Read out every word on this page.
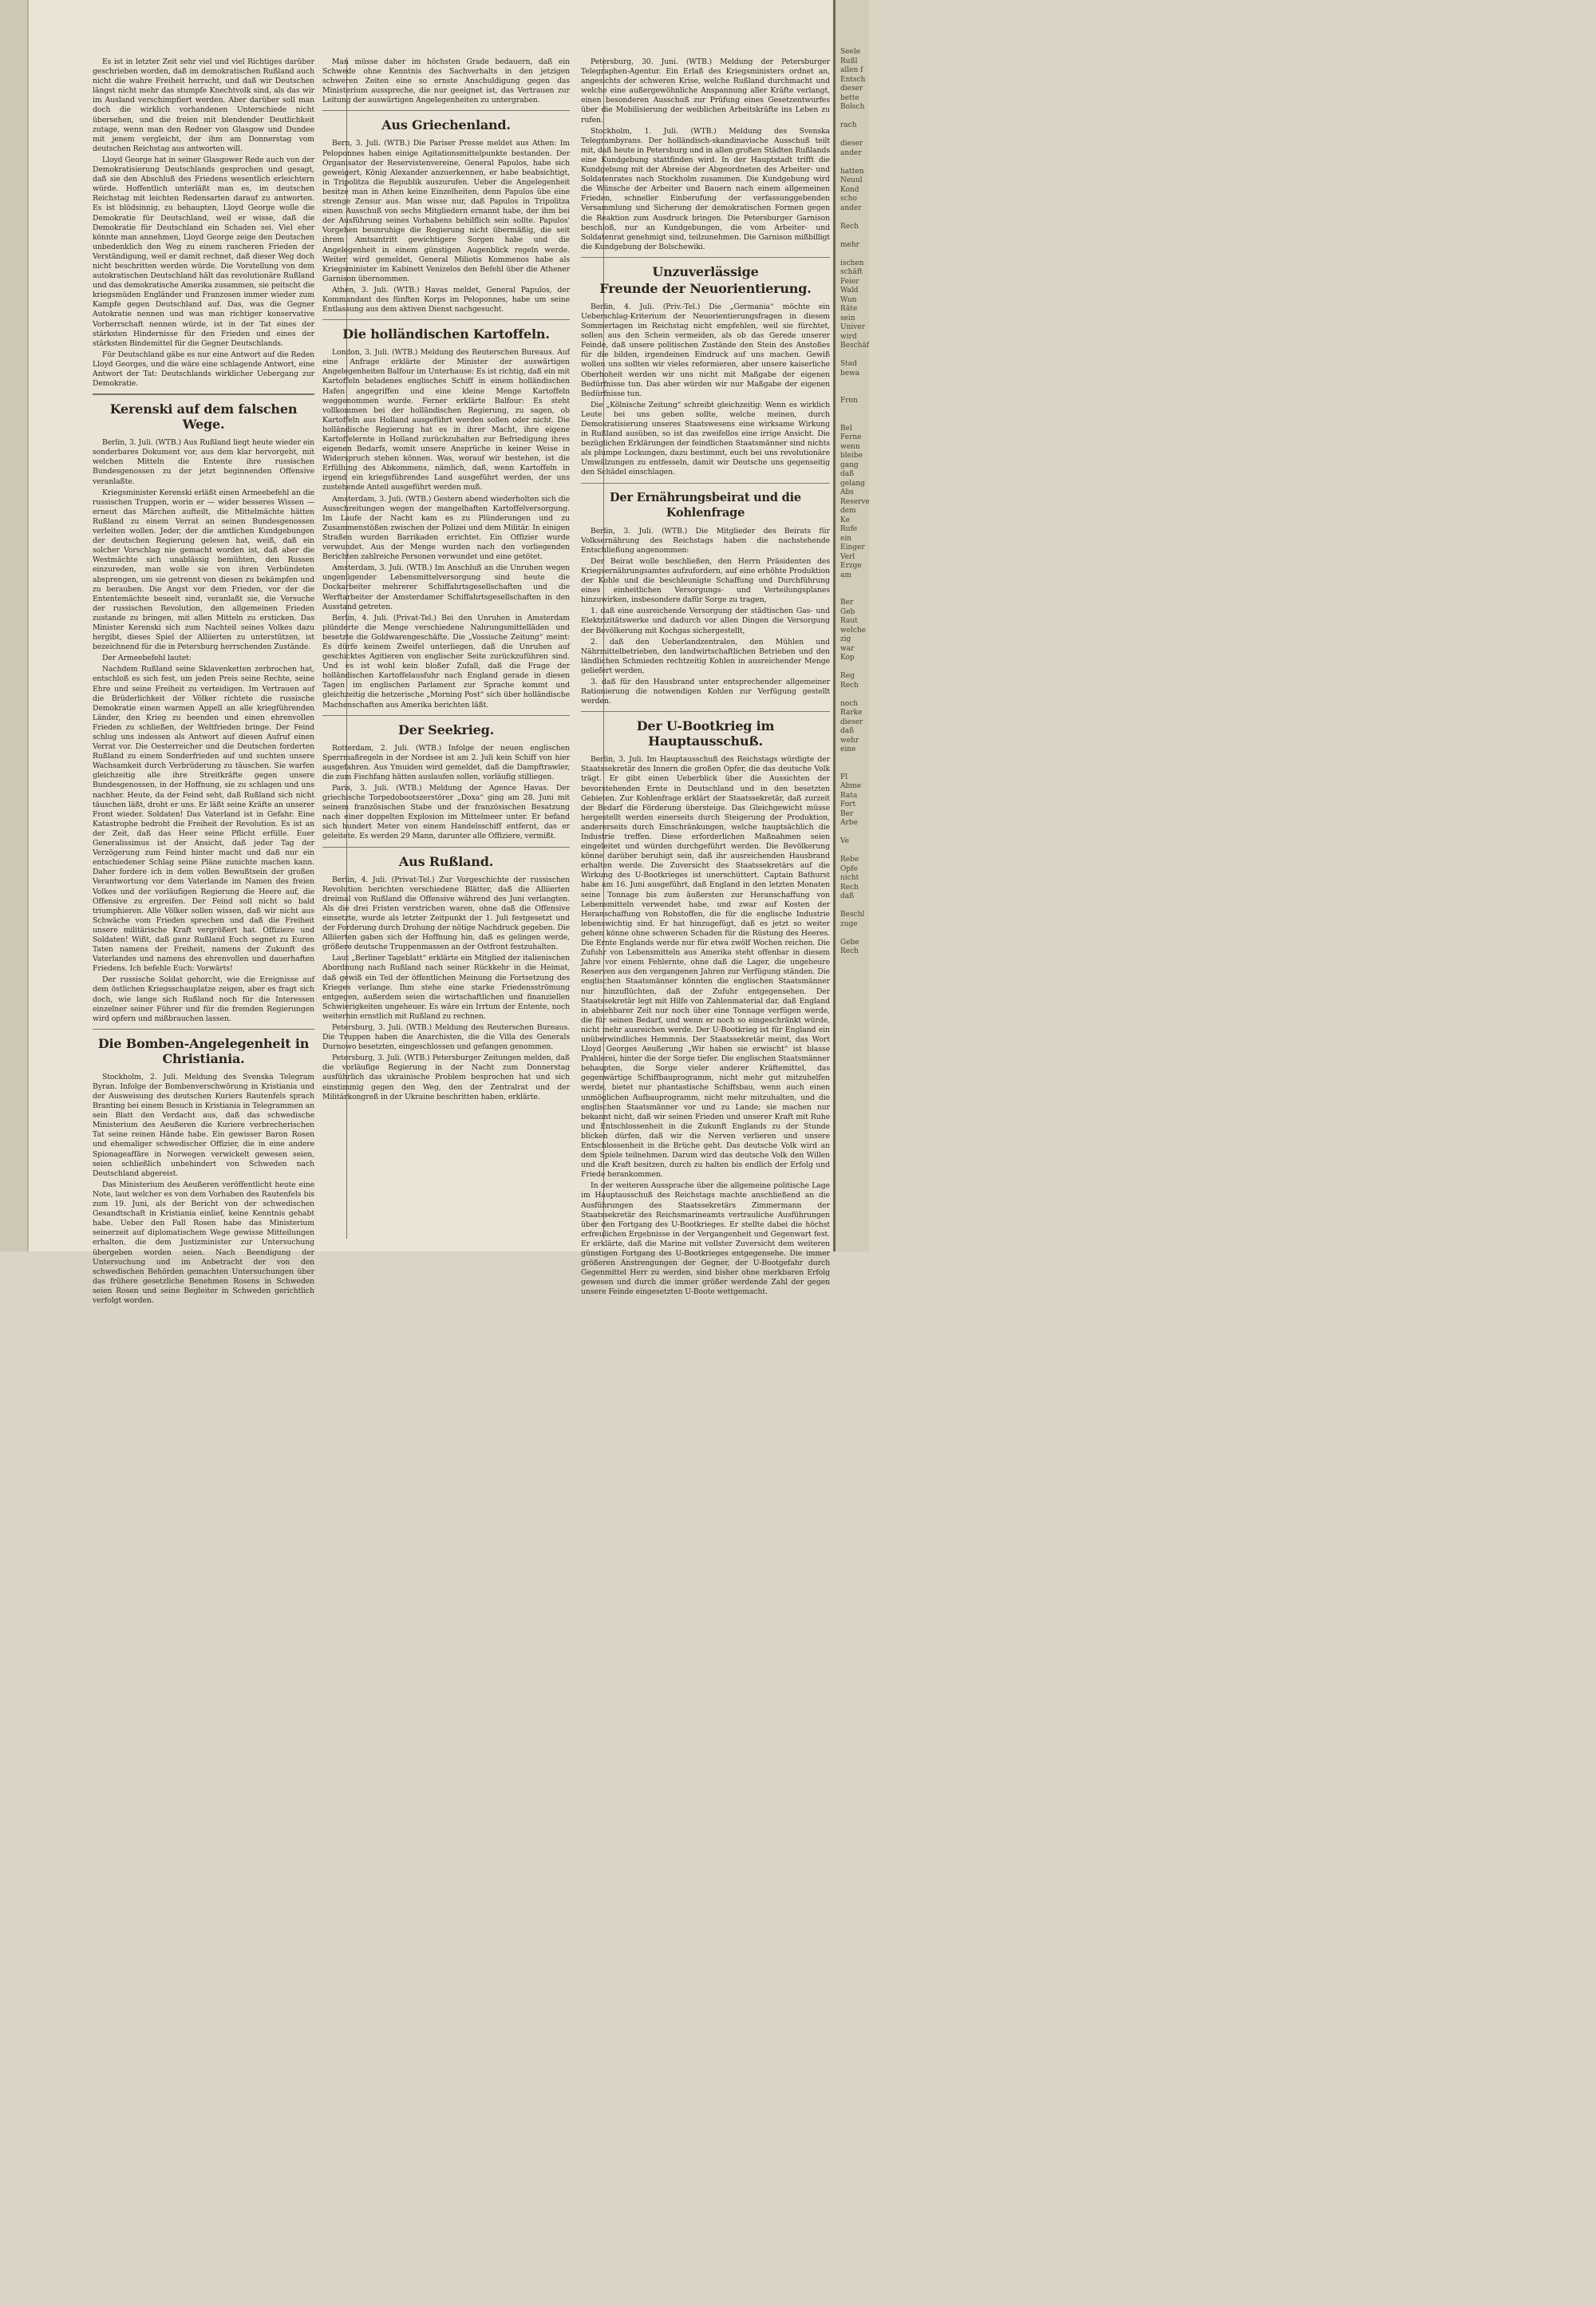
Es ist in letzter Zeit sehr viel und viel Richtiges darüber geschrieben worden, daß im demokratischen Rußland auch nicht die wahre Freiheit herrscht, und daß wir Deutschen längst nicht mehr das stumpfe Knechtvolk sind, als das wir im Ausland verschimpfiert werden. Aber darüber soll man doch die wirklich vorhandenen Unterschiede nicht übersehen, und die freien mit blendender Deutlichkeit zutage, wenn man den Redner von Glasgow und Dundee mit jenem vergleicht, der ihm am Donnerstag vom deutschen Reichstag aus antworten will.

Lloyd George hat in seiner Glasgower Rede auch von der Demokratisierung Deutschlands gesprochen und gesagt, daß sie den Abschluß des Friedens wesentlich erleichtern würde. Hoffentlich unterläßt man es, im deutschen Reichstag mit leichten Redensarten darauf zu antworten. Es ist blödsinnig, zu behaupten, Lloyd George wolle die Demokratie für Deutschland, weil er wisse, daß die Demokratie für Deutschland ein Schaden sei. Viel eher könnte man annehmen, Lloyd George zeige den Deutschen unbedenklich den Weg zu einem rascheren Frieden der Verständigung, weil er damit rechnet, daß dieser Weg doch nicht beschritten werden würde. Die Vorstellung von dem autokratischen Deutschland hält das revolutionäre Rußland und das demokratische Amerika zusammen, sie peitscht die kriegsmüden Engländer und Franzosen immer wieder zum Kampfe gegen Deutschland auf. Das, was die Gegner Autokratie nennen und was man richtiger konservative Vorherrschaft nennen würde, ist in der Tat eines der stärksten Hindernisse für den Frieden und eines der stärksten Bindemittel für die Gegner Deutschlands.

Für Deutschland gäbe es nur eine Antwort auf die Reden Lloyd Georges, und die wäre eine schlagende Antwort, eine Antwort der Tat: Deutschlands wirklicher Uebergang zur Demokratie.

Kerenski auf dem falschen Wege.

Berlin, 3. Juli. (WTB.) Aus Rußland liegt heute wieder ein sonderbares Dokument vor, aus dem klar hervorgeht, mit welchen Mitteln die Entente ihre russischen Bundesgenossen zu der jetzt beginnenden Offensive veranlaßte.

Kriegsminister Kerenski erläßt einen Armeebefehl an die russischen Truppen, worin er — wider besseres Wissen — erneut das Märchen aufteilt, die Mittelmächte hätten Rußland zu einem Verrat an seinen Bundesgenossen verleiten wollen. Jeder, der die amtlichen Kundgebungen der deutschen Regierung gelesen hat, weiß, daß ein solcher Vorschlag nie gemacht worden ist, daß aber die Westmächte sich unablässig bemühten, den Russen einzureden, man wolle sie von ihren Verbündeten absprengen, um sie getrennt von diesen zu bekämpfen und zu berauben. Die Angst vor dem Frieden, vor der die Ententemächte beseelt sind, veranlaßt sie, die Versuche der russischen Revolution, den allgemeinen Frieden zustande zu bringen, mit allen Mitteln zu ersticken. Das Minister Kerenski sich zum Nachteil seines Volkes dazu hergibt, dieses Spiel der Alliierten zu unterstützen, ist bezeichnend für die in Petersburg herrschenden Zustände.

Der Armeebefehl lautet:

Nachdem Rußland seine Sklavenketten zerbrochen hat, entschloß es sich fest, um jeden Preis seine Rechte, seine Ehre und seine Freiheit zu verteidigen. Im Vertrauen auf die Brüderlichkeit der Völker richtete die russische Demokratie einen warmen Appell an alle kriegführenden Länder, den Krieg zu beenden und einen ehrenvollen Frieden zu schließen, der Weltfrieden bringe. Der Feind schlug uns indessen als Antwort auf diesen Aufruf einen Verrat vor. Die Oesterreicher und die Deutschen forderten Rußland zu einem Sonderfrieden auf und suchten unsere Wachsamkeit durch Verbrüderung zu täuschen. Sie warfen gleichzeitig alle ihre Streitkräfte gegen unsere Bundesgenossen, in der Hoffnung, sie zu schlagen und uns nachher. Heute, da der Feind seht, daß Rußland sich nicht täuschen läßt, droht er uns. Er läßt seine Kräfte an unserer Front wieder. Soldaten! Das Vaterland ist in Gefahr. Eine Katastrophe bedroht die Freiheit der Revolution. Es ist an der Zeit, daß das Heer seine Pflicht erfülle. Euer Generalissimus ist der Ansicht, daß jeder Tag der Verzögerung zum Feind hinter macht und daß nur ein entschiedener Schlag seine Pläne zunichte machen kann. Daher fordere ich in dem vollen Bewußtsein der großen Verantwortung vor dem Vaterlande im Namen des freien Volkes und der vorläufigen Regierung die Heere auf, die Offensive zu ergreifen. Der Feind soll nicht so bald triumphieren. Alle Völker sollen wissen, daß wir nicht aus Schwäche vom Frieden sprechen und daß die Freiheit unsere militärische Kraft vergrößert hat. Offiziere und Soldaten! Wißt, daß ganz Rußland Euch segnet zu Euren Taten namens der Freiheit, namens der Zukunft des Vaterlandes und namens des ehrenvollen und dauerhaften Friedens. Ich befehle Euch: Vorwärts!

Der russische Soldat gehorcht, wie die Ereignisse auf dem östlichen Kriegsschauplatze zeigen, aber es fragt sich doch, wie lange sich Rußland noch für die Interessen einzelner seiner Führer und für die fremden Regierungen wird opfern und mißbrauchen lassen.

Die Bomben-Angelegenheit in Christiania.

Stockholm, 2. Juli. Meldung des Svenska Telegram Byran. Infolge der Bombenverschwörung in Kristiania und der Ausweisung des deutschen Kuriers Rautenfels sprach Branting bei einem Besuch in Kristiania in Telegrammen an sein Blatt den Verdacht aus, daß das schwedische Ministerium des Aeußeren die Kuriere verbrecherischen Tat seine reinen Hände habe. Ein gewisser Baron Rosen und ehemaliger schwedischer Offizier, die in eine andere Spionageaffäre in Norwegen verwickelt gewesen seien, seien schließlich unbehindert von Schweden nach Deutschland abgereist.

Das Ministerium des Aeußeren veröffentlicht heute eine Note, laut welcher es von dem Vorhaben des Rautenfels bis zum 19. Juni, als der Bericht von der schwedischen Gesandtschaft in Kristiania einlief, keine Kenntnis gehabt habe. Ueber den Fall Rosen habe das Ministerium seinerzeit auf diplomatischem Wege gewisse Mitteilungen erhalten, die dem Justizminister zur Untersuchung übergeben worden seien. Nach Beendigung der Untersuchung und im Anbetracht der von den schwedischen Behörden gemachten Untersuchungen über das frühere gesetzliche Benehmen Rosens in Schweden seien Rosen und seine Begleiter in Schweden gerichtlich verfolgt worden.

Man müsse daher im höchsten Grade bedauern, daß ein Schwede ohne Kenntnis des Sachverhalts in den jetzigen schweren Zeiten eine so ernste Anschuldigung gegen das Ministerium ausspreche, die nur geeignet ist, das Vertrauen zur Leitung der auswärtigen Angelegenheiten zu untergraben.

Aus Griechenland.

Bern, 3. Juli. (WTB.) Die Pariser Presse meldet aus Athen: Im Peloponnes haben einige Agitationsmittelpunkte bestanden. Der Organisator der Reservistenvereine, General Papulos, habe sich geweigert, König Alexander anzuerkennen, er habe beabsichtigt, in Tripolitza die Republik auszurufen. Ueber die Angelegenheit besitze man in Athen keine Einzelheiten, denn Papulos übe eine strenge Zensur aus. Man wisse nur, daß Papulos in Tripolitza einen Ausschuß von sechs Mitgliedern ernannt habe, der ihm bei der Ausführung seines Vorhabens behilflich sein sollte. Papulos' Vorgehen beunruhige die Regierung nicht übermäßig, die seit ihrem Amtsantritt gewichtigere Sorgen habe und die Angelegenheit in einem günstigen Augenblick regeln werde. Weiter wird gemeldet, General Miliotis Kommenos habe als Kriegsminister im Kabinett Venizelos den Befehl über die Athener Garnison übernommen.

Athen, 3. Juli. (WTB.) Havas meldet, General Papulos, der Kommandant des fünften Korps im Peloponnes, habe um seine Entlassung aus dem aktiven Dienst nachgesucht.

Die holländischen Kartoffeln.

London, 3. Juli. (WTB.) Meldung des Reuterschen Bureaus. Auf eine Anfrage erklärte der Minister der auswärtigen Angelegenheiten Balfour im Unterhause: Es ist richtig, daß ein mit Kartoffeln beladenes englisches Schiff in einem holländischen Hafen angegriffen und eine kleine Menge Kartoffeln weggenommen wurde. Ferner erklärte Balfour: Es steht vollkommen bei der holländischen Regierung, zu sagen, ob Kartoffeln aus Holland ausgeführt werden sollen oder nicht. Die holländische Regierung hat es in ihrer Macht, ihre eigene Kartoffelernte in Holland zurückzuhalten zur Befriedigung ihres eigenen Bedarfs, womit unsere Ansprüche in keiner Weise in Widerspruch stehen können. Was, worauf wir bestehen, ist die Erfüllung des Abkommens, nämlich, daß, wenn Kartoffeln in irgend ein kriegsführendes Land ausgeführt werden, der uns zustehende Anteil ausgeführt werden muß.

Amsterdam, 3. Juli. (WTB.) Gestern abend wiederholten sich die Ausschreitungen wegen der mangelhaften Kartoffelversorgung. Im Laufe der Nacht kam es zu Plünderungen und zu Zusammenstößen zwischen der Polizei und dem Militär. In einigen Straßen wurden Barrikaden errichtet. Ein Offizier wurde verwundet. Aus der Menge wurden nach den vorliegenden Berichten zahlreiche Personen verwundet und eine getötet.

Amsterdam, 3. Juli. (WTB.) Im Anschluß an die Unruhen wegen ungenügender Lebensmittelversorgung sind heute die Dockarbeiter mehrerer Schiffahrtsgesellschaften und die Werftarbeiter der Amsterdamer Schiffahrtsgesellschaften in den Ausstand getreten.

Berlin, 4. Juli. (Privat-Tel.) Bei den Unruhen in Amsterdam plünderte die Menge verschiedene Nahrungsmittelläden und besetzte die Goldwarengeschäfte. Die „Vossische Zeitung“ meint: Es dürfe keinem Zweifel unterliegen, daß die Unruhen auf geschicktes Agitieren von englischer Seite zurückzuführen sind. Und es ist wohl kein bloßer Zufall, daß die Frage der holländischen Kartoffelausfuhr nach England gerade in diesen Tagen im englischen Parlament zur Sprache kommt und gleichzeitig die hetzerische „Morning Post“ sich über holländische Machenschaften aus Amerika berichten läßt.

Der Seekrieg.

Rotterdam, 2. Juli. (WTB.) Infolge der neuen englischen Sperrmaßregeln in der Nordsee ist am 2. Juli kein Schiff von hier ausgefahren. Aus Ymuiden wird gemeldet, daß die Dampftrawler, die zum Fischfang hätten auslaufen sollen, vorläufig stilliegen.

Paris, 3. Juli. (WTB.) Meldung der Agence Havas. Der griechische Torpedobootszerstörer „Doxa“ ging am 28. Juni mit seinem französischen Stabe und der französischen Besatzung nach einer doppelten Explosion im Mittelmeer unter. Er befand sich hundert Meter von einem Handelsschiff entfernt, das er geleitete. Es werden 29 Mann, darunter alle Offiziere, vermißt.

Aus Rußland.

Berlin, 4. Juli. (Privat-Tel.) Zur Vorgeschichte der russischen Revolution berichten verschiedene Blätter, daß die Alliierten dreimal von Rußland die Offensive während des Juni verlangten. Als die drei Fristen verstrichen waren, ohne daß die Offensive einsetzte, wurde als letzter Zeitpunkt der 1. Juli festgesetzt und der Forderung durch Drohung der nötige Nachdruck gegeben. Die Alliierten gaben sich der Hoffnung hin, daß es gelingen werde, größere deutsche Truppenmassen an der Ostfront festzuhalten.

Laut „Berliner Tageblatt“ erklärte ein Mitglied der italienischen Abordnung nach Rußland nach seiner Rückkehr in die Heimat, daß gewiß ein Teil der öffentlichen Meinung die Fortsetzung des Krieges verlange. Ihm stehe eine starke Friedensströmung entgegen, außerdem seien die wirtschaftlichen und finanziellen Schwierigkeiten ungeheuer. Es wäre ein Irrtum der Entente, noch weiterhin ernstlich mit Rußland zu rechnen.

Petersburg, 3. Juli. (WTB.) Meldung des Reuterschen Bureaus. Die Truppen haben die Anarchisten, die die Villa des Generals Durnowo besetzten, eingeschlossen und gefangen genommen.

Petersburg, 3. Juli. (WTB.) Petersburger Zeitungen melden, daß die vorläufige Regierung in der Nacht zum Donnerstag ausführlich das ukrainische Problem besprochen hat und sich einstimmig gegen den Weg, den der Zentralrat und der Militärkongreß in der Ukraine beschritten haben, erklärte.

Petersburg, 30. Juni. (WTB.) Meldung der Petersburger Telegraphen-Agentur. Ein Erlaß des Kriegsministers ordnet an, angesichts der schweren Krise, welche Rußland durchmacht und welche eine außergewöhnliche Anspannung aller Kräfte verlangt, einen besonderen Ausschuß zur Prüfung eines Gesetzentwurfes über die Mobilisierung der weiblichen Arbeitskräfte ins Leben zu rufen.

Stockholm, 1. Juli. (WTB.) Meldung des Svenska Telegrambyrans. Der holländisch-skandinavische Ausschuß teilt mit, daß heute in Petersburg und in allen großen Städten Rußlands eine Kundgebung stattfinden wird. In der Hauptstadt trifft die Kundgebung mit der Abreise der Abgeordneten des Arbeiter- und Soldatenrates nach Stockholm zusammen. Die Kundgebung wird die Wünsche der Arbeiter und Bauern nach einem allgemeinen Frieden, schneller Einberufung der verfassunggebenden Versammlung und Sicherung der demokratischen Formen gegen die Reaktion zum Ausdruck bringen. Die Petersburger Garnison beschloß, nur an Kundgebungen, die vom Arbeiter- und Soldatenrat genehmigt sind, teilzunehmen. Die Garnison mißbilligt die Kundgebung der Bolschewiki.

Unzuverlässige
Freunde der Neuorientierung.

Berlin, 4. Juli. (Priv.-Tel.) Die „Germania“ möchte ein Ueberschlag-Kriterium der Neuorientierungsfragen in diesem Sommertagen im Reichstag nicht empfehlen, weil sie fürchtet, sollen aus den Schein vermeiden, als ob das Gerede unserer Feinde, daß unsere politischen Zustände den Stein des Anstoßes für die bilden, irgendeinen Eindruck auf uns machen. Gewiß wollen uns sollten wir vieles reformieren, aber unsere kaiserliche Oberhoheit werden wir uns nicht mit Maßgabe der eigenen Bedürfnisse tun. Das aber würden wir nur Maßgabe der eigenen Bedürfnisse tun.

Die „Kölnische Zeitung“ schreibt gleichzeitig: Wenn es wirklich Leute bei uns geben sollte, welche meinen, durch Demokratisierung unseres Staatswesens eine wirksame Wirkung in Rußland ausüben, so ist das zweifellos eine irrige Ansicht. Die bezüglichen Erklärungen der feindlichen Staatsmänner sind nichts als plumpe Lockungen, dazu bestimmt, euch bei uns revolutionäre Umwälzungen zu entfesseln, damit wir Deutsche uns gegenseitig den Schädel einschlagen.

Der Ernährungsbeirat und die Kohlenfrage

Berlin, 3. Juli. (WTB.) Die Mitglieder des Beirats für Volksernährung des Reichstags haben die nachstehende Entschließung angenommen:

Der Beirat wolle beschließen, den Herrn Präsidenten des Kriegsernährungsamtes aufzufordern, auf eine erhöhte Produktion der Kohle und die beschleunigte Schaffung und Durchführung eines einheitlichen Versorgungs- und Verteilungsplanes hinzuwirken, insbesondere dafür Sorge zu tragen,

1. daß eine ausreichende Versorgung der städtischen Gas- und Elektrizitätswerke und dadurch vor allen Dingen die Versorgung der Bevölkerung mit Kochgas sichergestellt,

2. daß den Ueberlandzentralen, den Mühlen und Nährmittelbetrieben, den landwirtschaftlichen Betrieben und den ländlichen Schmieden rechtzeitig Kohlen in ausreichender Menge geliefert werden,

3. daß für den Hausbrand unter entsprechender allgemeiner Rationierung die notwendigen Kohlen zur Verfügung gestellt werden.

Der U-Bootkrieg im Hauptausschuß.

Berlin, 3. Juli. Im Hauptausschuß des Reichstags würdigte der Staatssekretär des Innern die großen Opfer, die das deutsche Volk trägt. Er gibt einen Ueberblick über die Aussichten der bevorstehenden Ernte in Deutschland und in den besetzten Gebieten. Zur Kohlenfrage erklärt der Staatssekretär, daß zurzeit der Bedarf die Förderung übersteige. Das Gleichgewicht müsse hergestellt werden einerseits durch Steigerung der Produktion, andererseits durch Einschränkungen, welche hauptsächlich die Industrie treffen. Diese erforderlichen Maßnahmen seien eingeleitet und würden durchgeführt werden. Die Bevölkerung könne darüber beruhigt sein, daß ihr ausreichenden Hausbrand erhalten werde. Die Zuversicht des Staatssekretärs auf die Wirkung des U-Bootkrieges ist unerschüttert. Captain Bathurst habe am 16. Juni ausgeführt, daß England in den letzten Monaten seine Tonnage bis zum äußersten zur Heranschaffung von Lebensmitteln verwendet habe, und zwar auf Kosten der Heranschaffung von Rohstoffen, die für die englische Industrie lebenswichtig sind. Er hat hinzugefügt, daß es jetzt so weiter gehen könne ohne schweren Schaden für die Rüstung des Heeres. Die Ernte Englands werde nur für etwa zwölf Wochen reichen. Die Zufuhr von Lebensmitteln aus Amerika steht offenbar in diesem Jahre vor einem Fehlernte, ohne daß die Lager, die ungeheure Reserven aus den vergangenen Jahren zur Verfügung ständen. Die englischen Staatsmänner könnten die englischen Staatsmänner nur hinzuflüchten, daß der Zufuhr entgegensehen. Der Staatssekretär legt mit Hilfe von Zahlenmaterial dar, daß England in absehbarer Zeit nur noch über eine Tonnage verfügen werde, die für seinen Bedarf, und wenn er noch so eingeschränkt würde, nicht mehr ausreichen werde. Der U-Bootkrieg ist für England ein unüberwindliches Hemmnis. Der Staatssekretär meint, das Wort Lloyd Georges Aeußerung „Wir haben sie erwischt“ ist blasse Prahlerei, hinter die der Sorge tiefer. Die englischen Staatsmänner behaupten, die Sorge vieler anderer Kräftemittel, das gegenwärtige Schiffbauprogramm, nicht mehr gut mitzuhelfen werde, bietet nur phantastische Schiffsbau, wenn auch einen unmöglichen Aufbauprogramm, nicht mehr mitzuhalten, und die englischen Staatsmänner vor und zu Lande; sie machen nur bekannt nicht, daß wir seinen Frieden und unserer Kraft mit Ruhe und Entschlossenheit in die Zukunft Englands zu der Stunde blicken dürfen, daß wir die Nerven verlieren und unsere Entschlossenheit in die Brüche geht. Das deutsche Volk wird an dem Spiele teilnehmen. Darum wird das deutsche Volk den Willen und die Kraft besitzen, durch zu halten bis endlich der Erfolg und Friede herankommen.

In der weiteren Aussprache über die allgemeine politische Lage im Hauptausschuß des Reichstags machte anschließend an die Ausführungen des Staatssekretärs Zimmermann der Staatssekretär des Reichsmarineamts vertrauliche Ausführungen über den Fortgang des U-Bootkrieges. Er stellte dabei die höchst erfreulichen Ergebnisse in der Vergangenheit und Gegenwart fest. Er erklärte, daß die Marine mit vollster Zuversicht dem weiteren günstigen Fortgang des U-Bootkrieges entgegensehe. Die immer größeren Anstrengungen der Gegner, der U-Bootgefahr durch Gegenmittel Herr zu werden, sind bisher ohne merkbaren Erfolg gewesen und durch die immer größer werdende Zahl der gegen unsere Feinde eingesetzten U-Boote wettgemacht.

Seele
Rußl
allen f
Entsch
dieser
bette
Bolsch

rach

dieser
ander

hatten
Neuul
Kond
scho
ander

Rech

mehr

ischen
schäft
Feier
Wald
Wun
Räte
sein
Univer
wird
Beschäf

Stad
bewa

Fron

Bel
Ferne
wenn
bleibe
gang
daß
gelang
Abs
Reserve
dem
Ke
Rufe
ein
Einger
Verl
Erzge
am

Ber
Geb
Raut
welche
zig
war
Kop

Reg
Rech

noch
Rarke
dieser
daß
wehr
eine

Fl
Abme
Rata
Fort
Ber
Arbe

Ve

Rebe
Opfe
nicht
Rech
daß

Beschl
zuge

Gebe
Rech
